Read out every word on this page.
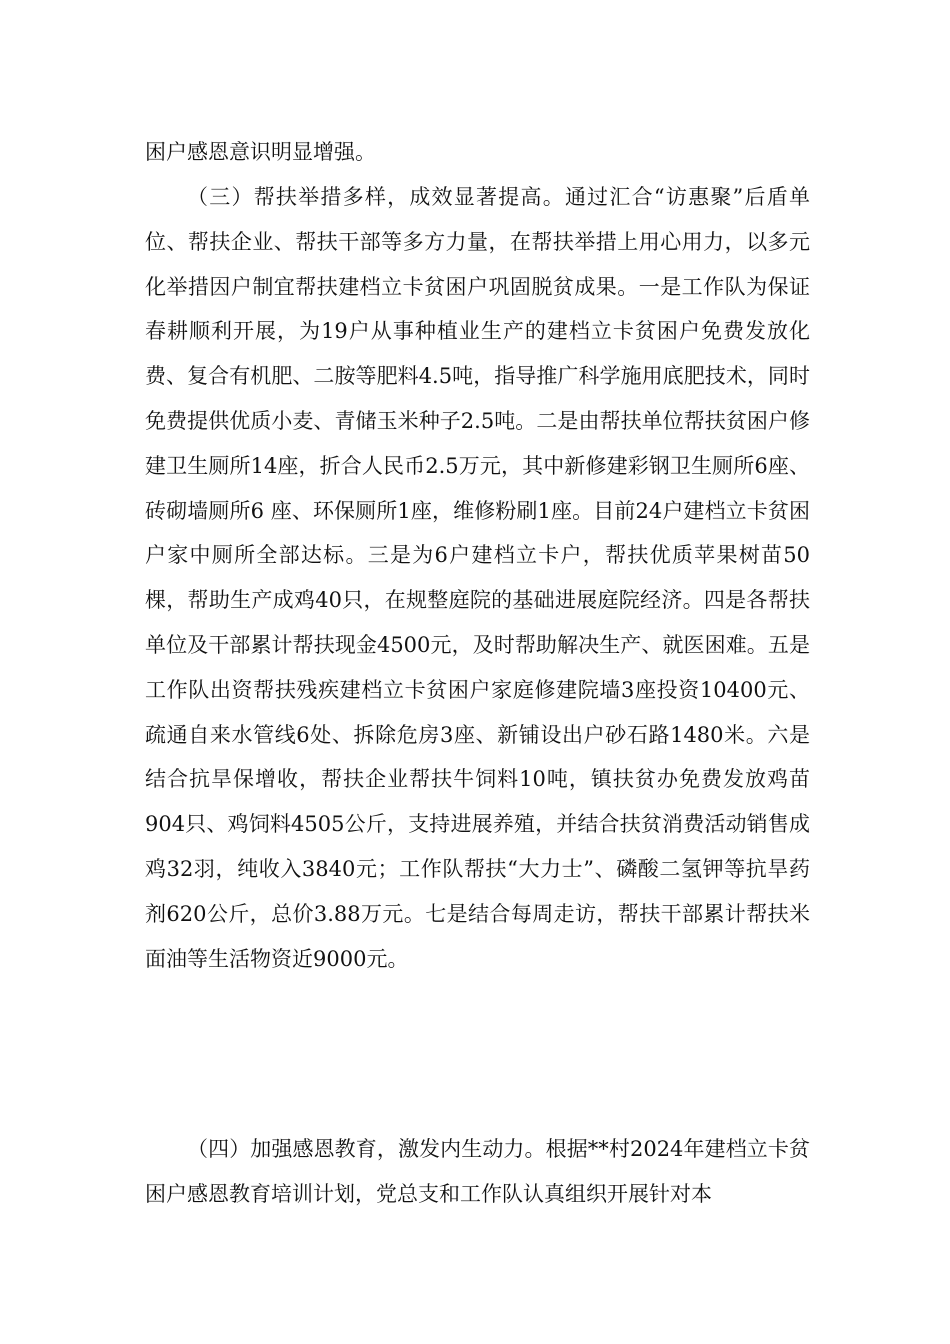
困户感恩意识明显增强。

（三）帮扶举措多样，成效显著提高。通过汇合“访惠聚”后盾单位、帮扶企业、帮扶干部等多方力量，在帮扶举措上用心用力，以多元化举措因户制宜帮扶建档立卡贫困户巩固脱贫成果。一是工作队为保证春耕顺利开展，为19户从事种植业生产的建档立卡贫困户免费发放化费、复合有机肥、二胺等肥料4.5吨，指导推广科学施用底肥技术，同时免费提供优质小麦、青储玉米种子2.5吨。二是由帮扶单位帮扶贫困户修建卫生厕所14座，折合人民币2.5万元，其中新修建彩钢卫生厕所6座、砖砌墙厕所6 座、环保厕所1座，维修粉刷1座。目前24户建档立卡贫困户家中厕所全部达标。三是为6户建档立卡户，帮扶优质苹果树苗50棵，帮助生产成鸡40只，在规整庭院的基础进展庭院经济。四是各帮扶单位及干部累计帮扶现金4500元，及时帮助解决生产、就医困难。五是工作队出资帮扶残疾建档立卡贫困户家庭修建院墙3座投资10400元、疏通自来水管线6处、拆除危房3座、新铺设出户砂石路1480米。六是结合抗旱保增收，帮扶企业帮扶牛饲料10吨，镇扶贫办免费发放鸡苗904只、鸡饲料4505公斤，支持进展养殖，并结合扶贫消费活动销售成鸡32羽，纯收入3840元；工作队帮扶“大力士”、磷酸二氢钾等抗旱药剂620公斤，总价3.88万元。七是结合每周走访，帮扶干部累计帮扶米面油等生活物资近9000元。

（四）加强感恩教育，激发内生动力。根据**村2024年建档立卡贫困户感恩教育培训计划，党总支和工作队认真组织开展针对本
